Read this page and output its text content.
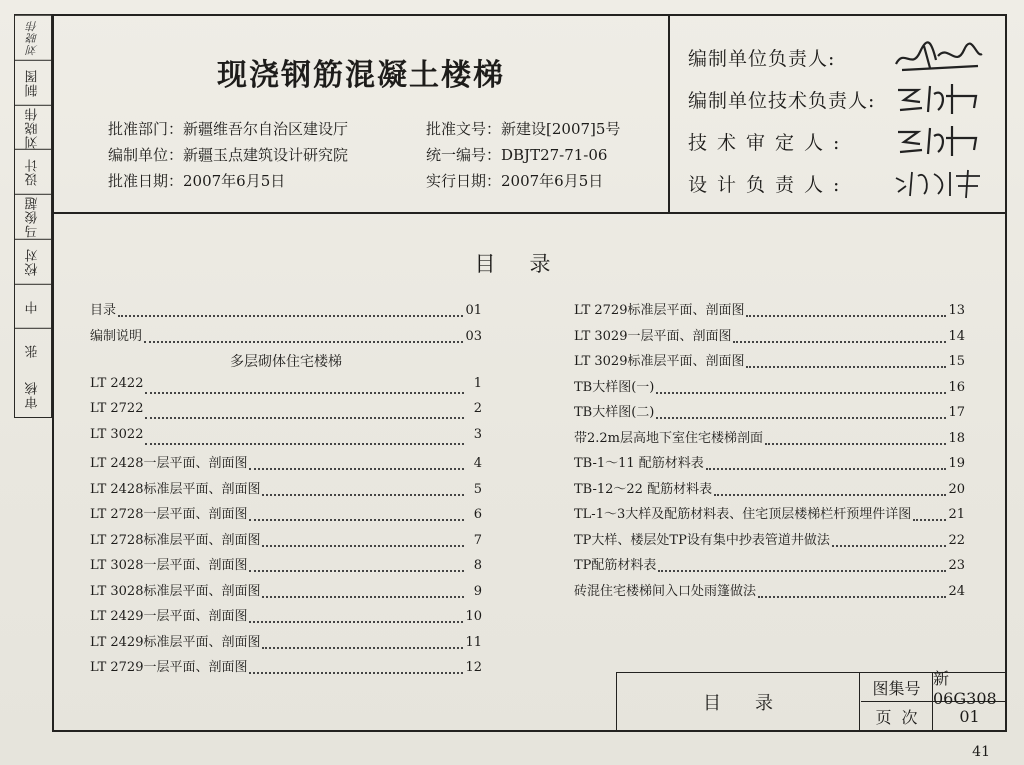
刘晓伟
制图
刘晓伟
设计
马俊超
校对
中
张
审核
现浇钢筋混凝土楼梯
批准部门：新疆维吾尔自治区建设厅
编制单位：新疆玉点建筑设计研究院
批准日期：2007年6月5日
批准文号：新建设[2007]5号
统一编号：DBJT27-71-06
实行日期：2007年6月5日
编制单位负责人:
编制单位技术负责人:
技术审定人:
设计负责人:
目录
目录	01
编制说明	03
多层砌体住宅楼梯
LT 2422	1
LT 2722	2
LT 3022	3
LT 2428一层平面、剖面图	4
LT 2428标准层平面、剖面图	5
LT 2728一层平面、剖面图	6
LT 2728标准层平面、剖面图	7
LT 3028一层平面、剖面图	8
LT 3028标准层平面、剖面图	9
LT 2429一层平面、剖面图	10
LT 2429标准层平面、剖面图	11
LT 2729一层平面、剖面图	12
LT 2729标准层平面、剖面图	13
LT 3029一层平面、剖面图	14
LT 3029标准层平面、剖面图	15
TB大样图(一)	16
TB大样图(二)	17
带2.2m层高地下室住宅楼梯剖面	18
TB-1～11 配筋材料表	19
TB-12～22 配筋材料表	20
TL-1～3大样及配筋材料表、住宅顶层楼梯栏杆预埋件详图	21
TP大样、楼层处TP设有集中抄表管道井做法	22
TP配筋材料表	23
砖混住宅楼梯间入口处雨篷做法	24
目录
图集号 新06G308
页次	01
41
